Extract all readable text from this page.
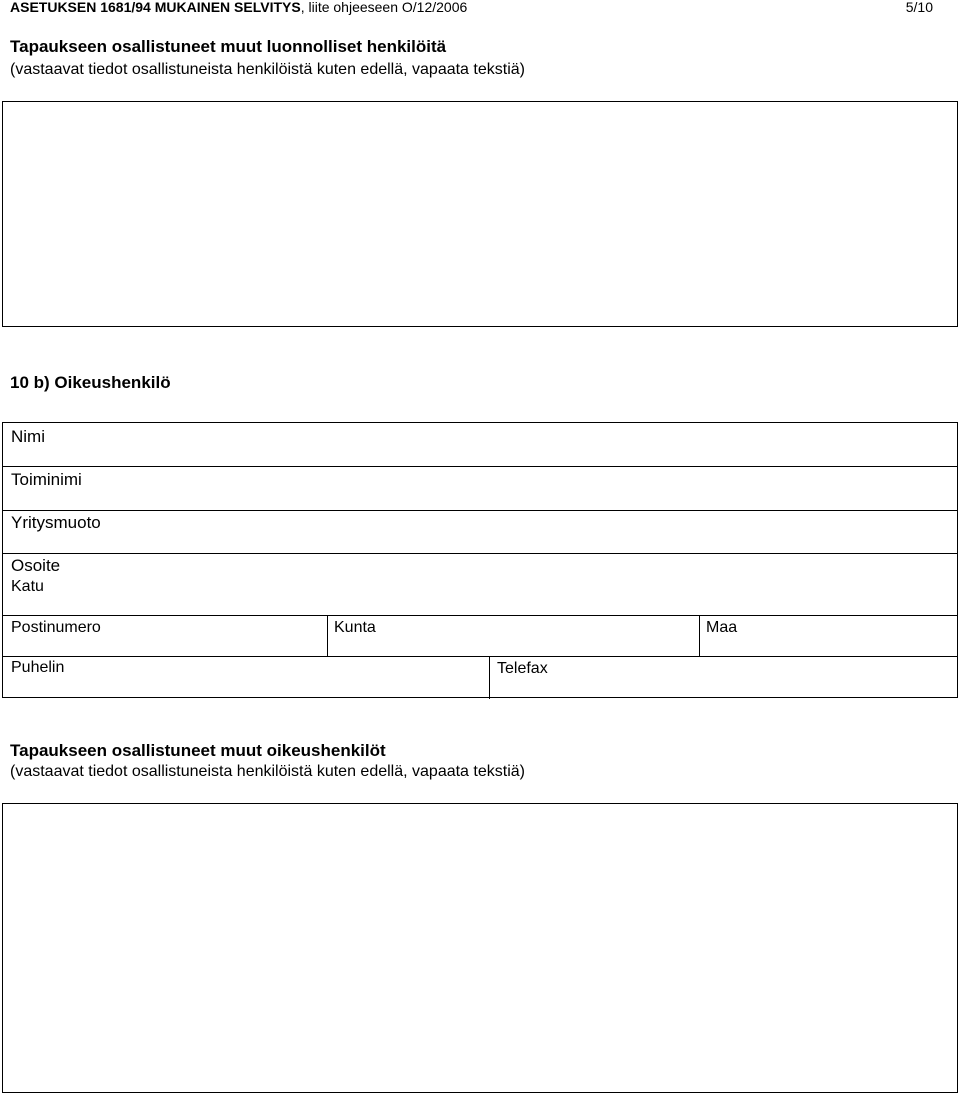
ASETUKSEN 1681/94 MUKAINEN SELVITYS, liite ohjeeseen O/12/2006	5/10
Tapaukseen osallistuneet muut luonnolliset henkilöitä
(vastaavat tiedot osallistuneista henkilöistä kuten edellä, vapaata tekstiä)
10 b) Oikeushenkilö
Nimi
Toiminimi
Yritysmuoto
Osoite
Katu
Postinumero	Kunta	Maa
Puhelin	Telefax
Tapaukseen osallistuneet muut oikeushenkilöt
(vastaavat tiedot osallistuneista henkilöistä kuten edellä, vapaata tekstiä)
